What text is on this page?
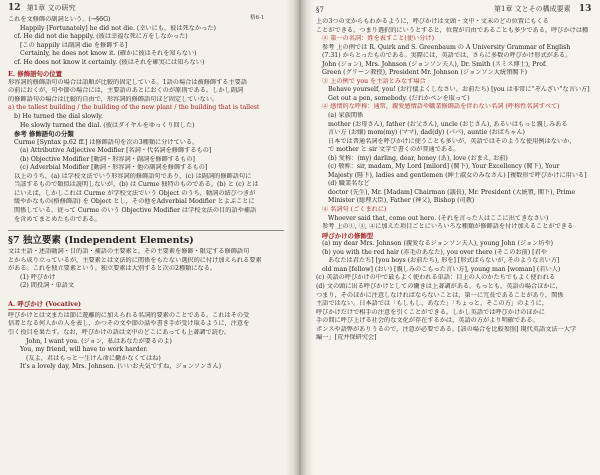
12 第1章 文の研究
格6-1
これを文修飾の副詞という。(→§6G)
Happily [Fortunately] he did not die. (幸いにも，彼は死なかった)
cf. He did not die happily. (彼は幸福な死に方をしなかった)
[この happily は副詞 die を修飾する]
Certainly, he does not know it. (確かに彼はそれを知らない)
cf. He does not know it certainly. (彼はそれを確実には知らない)
E. 修飾語句の位置
形容詞的修飾語句の場合は語順が比較的固定している。1語の場合は被修飾する主要語
の前におくが，句や節の場合には，主要語のあとにおくのが原則である。しかし副詞
的修飾語句の場合は比較的自由で，形容詞的修飾語句ほど固定していない。
a) the tallest building / the building of the new plant / the building that is tallest
b) He turned the dial slowly.
He slowly turned the dial. (彼はダイヤルをゆっくり回した)
参考 修飾語句の分類
Curme [Syntax p.62 ff.] は修飾語句を次の3種類に分けている。
(a) Attributive Adjective Modifier [名詞・代名詞を修飾するもの]
(b) Objective Modifier [動詞・形容詞・副詞を修飾するもの]
(c) Adverbial Modifier [動詞・形容詞・他の副詞を修飾するもの]
以上のうち，(a) は学校文法でいう形容詞的修飾語句であり，(c) は副詞的修飾語句に
当該するもので類似は説明しないが，(b) は Curme 独特のものである。(b) と (c) とは
にいえば，しかしこれは Curme が学校文法でいう Object のうち，動詞の結びつきが
緩やかなもの(格修飾語) を Object とし，その他をAdverbial Modifier とよぶことに
関係している。従って Curme のいう Objective Modifier は学校文法の目的語や補語
を含めてまとめたものである。
§7 独立要素 (Independent Elements)
文は主語・述語動詞・目的語・補語の主要素と，その主要素を修飾・限定する修飾語句
とから成り立っているが，主要素とは文法的に関係をもたない選択的に付け加えられる要素
がある。これを独立要素という。独立要素は大別すると次の2種類になる。
(1) 呼びかけ
(2) 間投詞・単語文
A. 呼びかけ (Vocative)
呼びかけとは文または節に遊離的に加えられる名詞的要素のことである。これはその受
信者となる何人かの人を表し，かつその文や節の話や書き手が受け取るように，注意を
引く役目を果たす。なお，呼びかけの語は文中のどこにあっても上著調で読む。
John, I want you. (ジョン，私はあなたが要るのよ)
You, my friend, will have to work harder.
(友よ，君はもっと一生けん命に働かなくてはね)
It's a lovely day, Mrs. Johnson. (いいお天気ですね，ジョンソンさん)
§7	第1章 文とその構成要素 13
上の3つの文からもわかるように，呼びかけは文頭・文中・文末のどの位置にもくる
ことができる。つまり選択的にいうとすると，位置が自由であることも多少である。呼びかけは種
② 第一の名詞：姓を表すこと(使い分け)
参考 上の例では R. Quirk and S. Greenbaum の A University Grammar of English
(7.31) からとったものである。実際には，英語では，さらに多数の呼びかけ形式がある。
John (ジョン), Mrs. Johnson (ジョンソン夫人), Dr. Smith (スミス博士), Prof.
Green (グリーン教授), President Mr. Johnson (ジョンソン大統領閣下)
③ 上の例で you を主語とみなす場合
Behave yourself, you! (お行儀よくしなさい。お前たち) [you は非常に“ぞんざい”な言い方]
Get out a pen, somebody. (だれかペンを取って)
④ 感情的な呼称：通常，親愛感情語や職業修飾語を伴わない名詞 (呼称性名詞すべて)
(a) 家族関係
mother (お母さん), father (お父さん), uncle (おじさん), あるいはもっと親しみある
言い方 (お嬢) mom(my) (ママ), dad(dy) (パパ), auntie (おばちゃん)
日本では普通名詞を呼びかけに使うことも多いが，英語ではそのような使用例はないか，
で mother と sir 文字で書くのが普通である。
(b) 愛称：(my) darling, dear, honey (あ), love (おまえ, お前)
(c) 敬称：sir, madam, My Lord [milord] (閣下), Your Excellency (閣下), Your
Majesty (陛下), ladies and gentlemen (紳士淑女のみなさん) [複数形で呼びかけに用いる]
(d) 職業名など
doctor (先生), Mr. [Madam] Chairman (議長), Mr. President (大統領, 閣下), Prime
Minister (総理大臣), Father (神父), Bishop (司教)
④ 名詞句 (ごくまれに)
Whoever said that, come out here. (それを言った人はここに出てきなさい)
参考 上の①, ③, ④に加えた項目ごとにいろいろな種類が修飾語を付け加えることができる
呼びかけの修飾型
(a) my dear Mrs. Johnson (親愛なるジョンソン夫人), young John (ジョン坊や)
(b) you with the red hair (赤毛のあなた), you over there (そこのお前) [君や
あなたは君たち] [you boys (お前たち), 形を] [形式ばらないが, そのような言い方]
old man [fellow] (おい) [親しみのこもった言い方], young man [woman] (若い人)
(c) 英語の呼びかけの中で最もよく使われる単語：目上の人のかたちでもよく使われる
(d) 文の頭に出る呼びかけとしての働きは上著調がある。もっとも，英語の場合ほかに，
つまり，そのほかに注意しなければならないことは，第一に冗長であることがあり，関係
主語ではない。日本語では「もしもし，あなた」「ちょっと，そこの方」のように，
呼びかけだけで相手の注意を引くことができる。しかし英語では呼びかけのほかに
手の間に呼び上げる社会的な文化が存在するかは，英語の方がより明確である。
ポンスや語弊がありうるので，注意が必要である。[該の場合を比較参照] 現代英語文法一大学
編一」[荒井保研究会]
